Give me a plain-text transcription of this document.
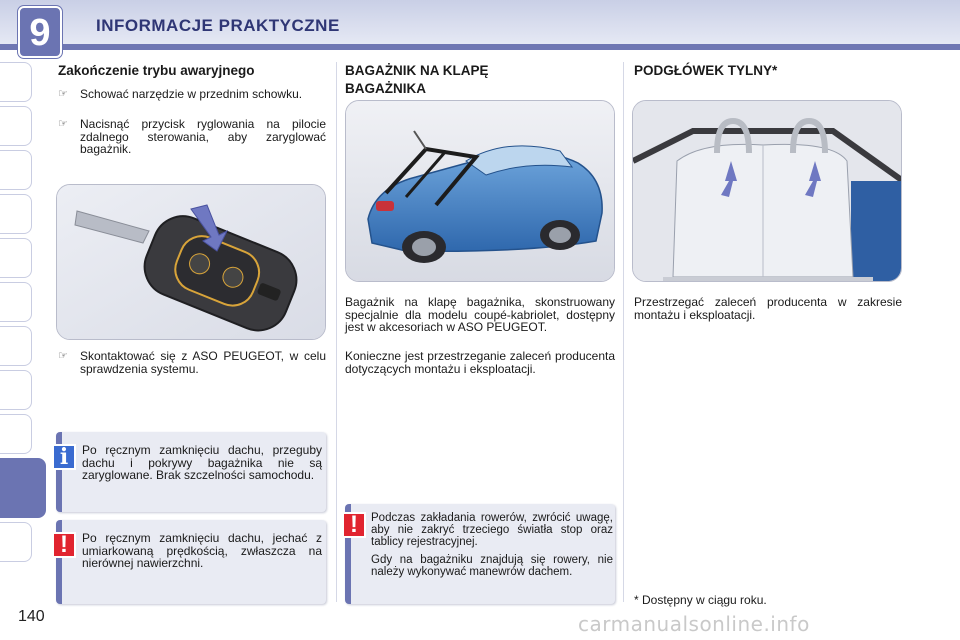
9	INFORMACJE PRAKTYCZNE
Zakończenie trybu awaryjnego
☞ Schować narzędzie w przednim schowku.
☞ Nacisnąć przycisk ryglowania na pilocie zdalnego sterowania, aby zaryglować bagażnik.
☞ Skontaktować się z ASO PEUGEOT, w celu sprawdzenia systemu.
Po ręcznym zamknięciu dachu, przeguby dachu i pokrywy bagażnika nie są zaryglowane. Brak szczelności samochodu.
i
Po ręcznym zamknięciu dachu, jechać z umiarkowaną prędkością, zwłaszcza na nierównej nawierzchni.
!
BAGAŻNIK NA KLAPĘ BAGAŻNIKA
Bagażnik na klapę bagażnika, skonstruowany specjalnie dla modelu coupé-kabriolet, dostępny jest w akcesoriach w ASO PEUGEOT.
Konieczne jest przestrzeganie zaleceń producenta dotyczących montażu i eksploatacji.
Podczas zakładania rowerów, zwrócić uwagę, aby nie zakryć trzeciego światła stop oraz tablicy rejestracyjnej.
Gdy na bagażniku znajdują się rowery, nie należy wykonywać manewrów dachem.
!
PODGŁÓWEK TYLNY*
Przestrzegać zaleceń producenta w zakresie montażu i eksploatacji.
* Dostępny w ciągu roku.
140	carmanualsonline.info
